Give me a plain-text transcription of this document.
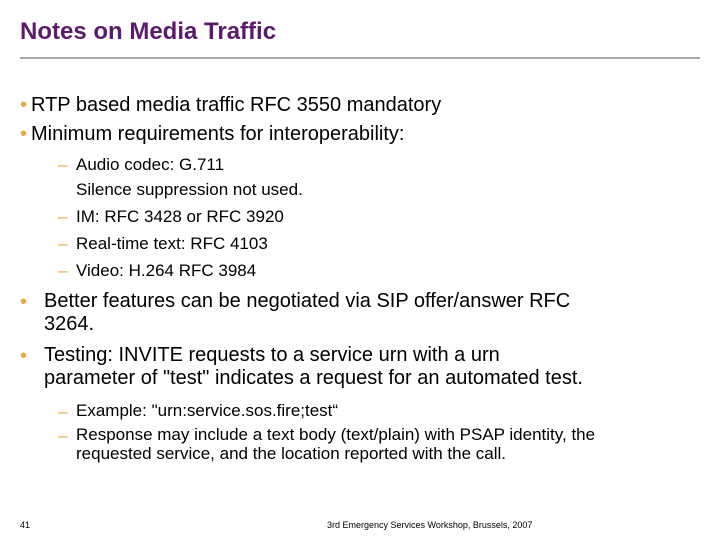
Notes on Media Traffic
• RTP based media traffic RFC 3550 mandatory
• Minimum requirements for interoperability:
– Audio codec: G.711
Silence suppression not used.
– IM: RFC 3428 or RFC 3920
– Real-time text: RFC 4103
– Video: H.264 RFC 3984
• Better features can be negotiated via SIP offer/answer RFC
3264.
• Testing: INVITE requests to a service urn with a urn
parameter of "test" indicates a request for an automated test.
– Example: "urn:service.sos.fire;test“
– Response may include a text body (text/plain) with PSAP identity, the
requested service, and the location reported with the call.
41	3rd Emergency Services Workshop, Brussels, 2007
